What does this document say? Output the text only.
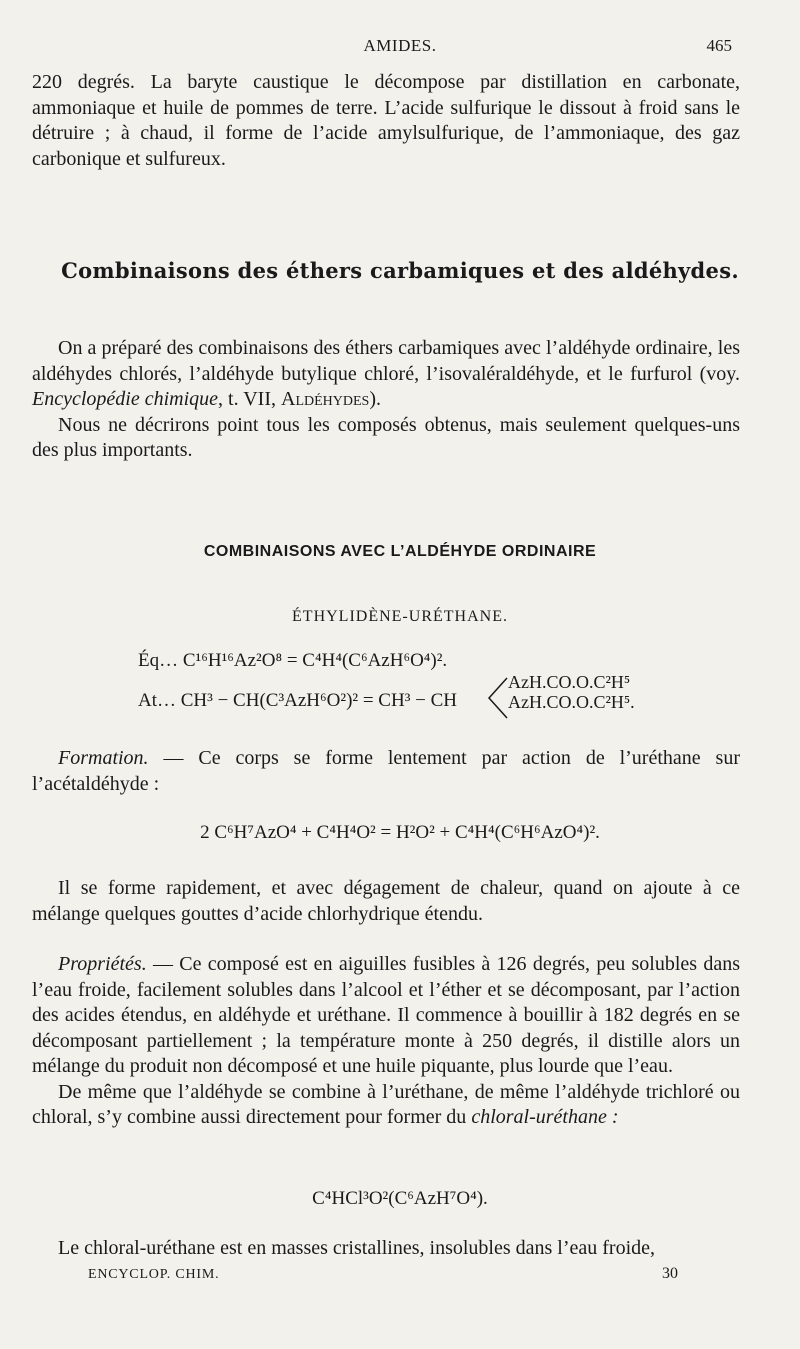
AMIDES.	465

220 degrés. La baryte caustique le décompose par distillation en carbonate, ammoniaque et huile de pommes de terre. L’acide sulfurique le dissout à froid sans le détruire ; à chaud, il forme de l’acide amylsulfurique, de l’ammoniaque, des gaz carbonique et sulfureux.

Combinaisons des éthers carbamiques et des aldéhydes.

On a préparé des combinaisons des éthers carbamiques avec l’aldéhyde ordinaire, les aldéhydes chlorés, l’aldéhyde butylique chloré, l’isovaléraldéhyde, et le furfurol (voy. Encyclopédie chimique, t. VII, Aldéhydes).

Nous ne décrirons point tous les composés obtenus, mais seulement quelques-uns des plus importants.

COMBINAISONS AVEC L’ALDÉHYDE ORDINAIRE
ÉTHYLIDÈNE-URÉTHANE.
Éq… C¹⁶H¹⁶Az²O⁸ = C⁴H⁴(C⁶AzH⁶O⁴)².
At… CH³ − CH(C³AzH⁶O²)² = CH³ − CH
AzH.CO.O.C²H⁵
AzH.CO.O.C²H⁵.

Formation. — Ce corps se forme lentement par action de l’uréthane sur l’acétaldéhyde :

2 C⁶H⁷AzO⁴ + C⁴H⁴O² = H²O² + C⁴H⁴(C⁶H⁶AzO⁴)².

Il se forme rapidement, et avec dégagement de chaleur, quand on ajoute à ce mélange quelques gouttes d’acide chlorhydrique étendu.

Propriétés. — Ce composé est en aiguilles fusibles à 126 degrés, peu solubles dans l’eau froide, facilement solubles dans l’alcool et l’éther et se décomposant, par l’action des acides étendus, en aldéhyde et uréthane. Il commence à bouillir à 182 degrés en se décomposant partiellement ; la température monte à 250 degrés, il distille alors un mélange du produit non décomposé et une huile piquante, plus lourde que l’eau.

De même que l’aldéhyde se combine à l’uréthane, de même l’aldéhyde trichloré ou chloral, s’y combine aussi directement pour former du chloral-uréthane :

C⁴HCl³O²(C⁶AzH⁷O⁴).

Le chloral-uréthane est en masses cristallines, insolubles dans l’eau froide,

ENCYCLOP. CHIM.	30
